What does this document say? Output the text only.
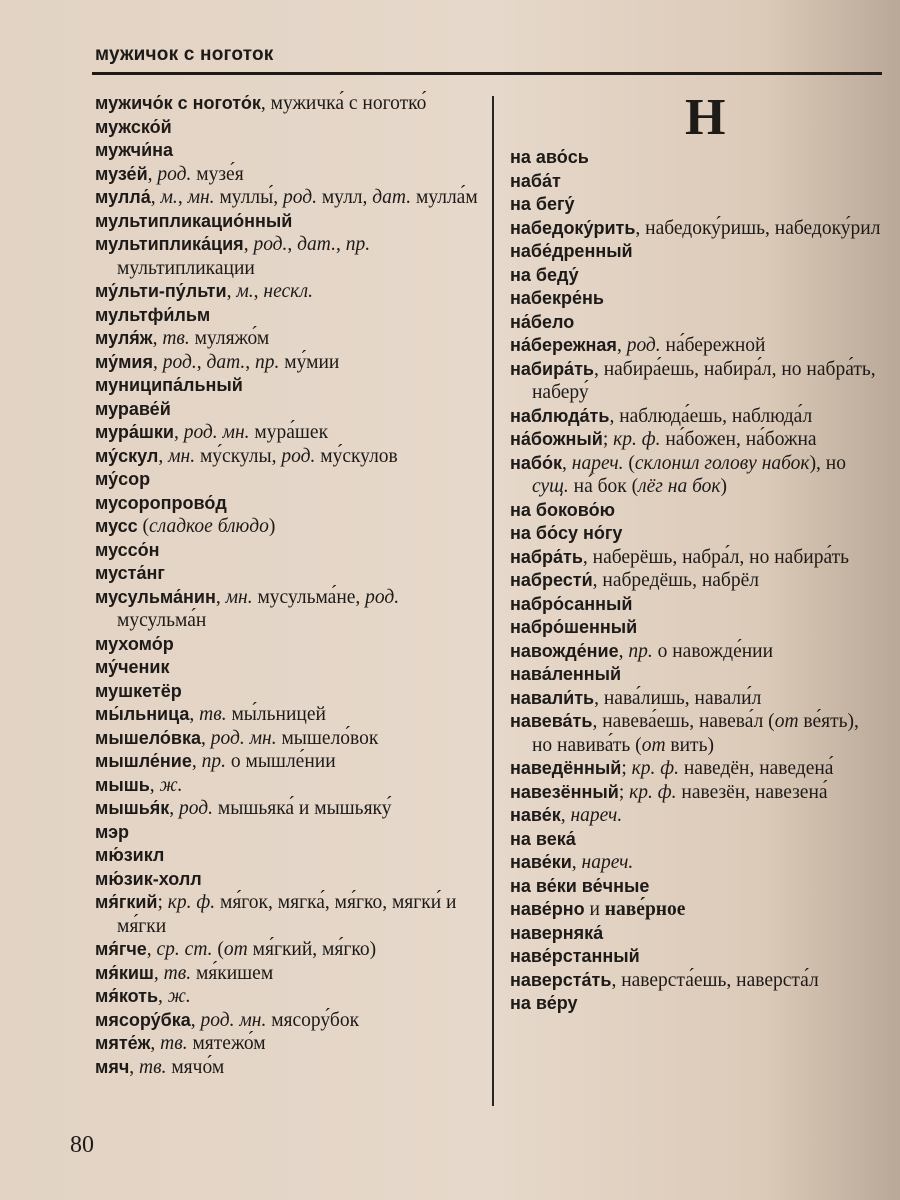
мужичок с ноготок
мужичо́к с ногото́к, мужичка́ с ноготко́
мужско́й
мужчи́на
музе́й, род. музе́я
мулла́, м., мн. муллы́, род. мулл, дат. мулла́м
мультипликацио́нный
мультиплика́ция, род., дат., пр. мультипликации
му́льти-пу́льти, м., нескл.
мультфи́льм
муля́ж, тв. муляжо́м
му́мия, род., дат., пр. му́мии
муниципа́льный
мураве́й
мура́шки, род. мн. мура́шек
му́скул, мн. му́скулы, род. му́скулов
му́сор
мусоропрово́д
мусс (сладкое блюдо)
муссо́н
муста́нг
мусульма́нин, мн. мусульма́не, род. мусульма́н
мухомо́р
му́ченик
мушкетёр
мы́льница, тв. мы́льницей
мышело́вка, род. мн. мышело́вок
мышле́ние, пр. о мышле́нии
мышь, ж.
мышья́к, род. мышьяка́ и мышьяку́
мэр
мю́зикл
мю́зик-холл
мя́гкий; кр. ф. мя́гок, мягка́, мя́гко, мягки́ и мя́гки
мя́гче, ср. ст. (от мя́гкий, мя́гко)
мя́киш, тв. мя́кишем
мя́коть, ж.
мясору́бка, род. мн. мясору́бок
мяте́ж, тв. мятежо́м
мяч, тв. мячо́м
Н
на аво́сь
наба́т
на бегу́
набедоку́рить, набедоку́ришь, набедоку́рил
набе́дренный
на беду́
набекре́нь
на́бело
на́бережная, род. на́бережной
набира́ть, набира́ешь, набира́л, но набра́ть, наберу́
наблюда́ть, наблюда́ешь, наблюда́л
на́божный; кр. ф. на́божен, на́божна
набо́к, нареч. (склонил голову набок), но сущ. на́ бок (лёг на бок)
на боково́ю
на бо́су но́гу
набра́ть, наберёшь, набра́л, но набира́ть
набрести́, набредёшь, набрёл
набро́санный
набро́шенный
навожде́ние, пр. о навожде́нии
нава́ленный
навали́ть, нава́лишь, навали́л
навева́ть, навева́ешь, навева́л (от ве́ять), но навива́ть (от вить)
наведённый; кр. ф. наведён, наведена́
навезённый; кр. ф. навезён, навезена́
наве́к, нареч.
на века́
наве́ки, нареч.
на ве́ки ве́чные
наве́рно и наве́рное
наверняка́
наве́рстанный
наверста́ть, наверста́ешь, наверста́л
на ве́ру
80
